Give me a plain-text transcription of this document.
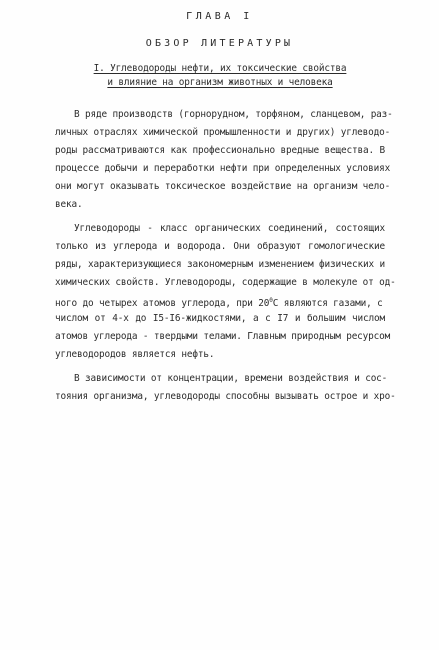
ГЛАВА I
ОБЗОР ЛИТЕРАТУРЫ
I. Углеводороды нефти, их токсические свойства
и влияние на организм животных и человека
В ряде производств (горнорудном, торфяном, сланцевом, раз-
личных отраслях химической промышленности и других) углеводо-
роды рассматриваются как профессионально вредные вещества. В
процессе добычи и переработки нефти при определенных условиях
они могут оказывать токсическое воздействие на организм чело-
века.
Углеводороды - класс органических соединений, состоящих
только из углерода и водорода. Они образуют гомологические
ряды, характеризующиеся закономерным изменением физических и
химических свойств. Углеводороды, содержащие в молекуле от од-
ного до четырех атомов углерода, при $20^0С$ являются газами, с
числом от 4-х до I5-I6-жидкостями, а с I7 и большим числом
атомов углерода - твердыми телами. Главным природным ресурсом
углеводородов является нефть.
В зависимости от концентрации, времени воздействия и сос-
тояния организма, углеводороды способны вызывать острое и хро-
